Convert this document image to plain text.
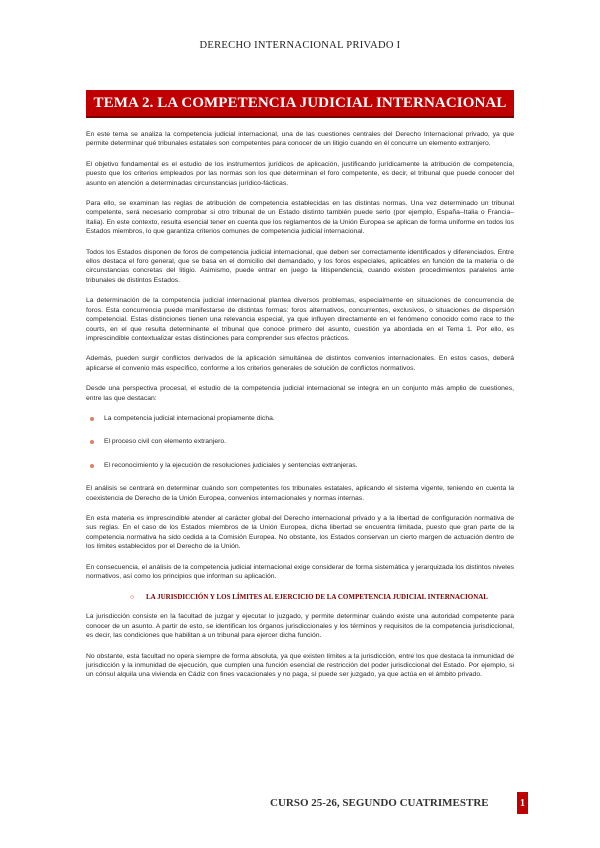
DERECHO INTERNACIONAL PRIVADO I
TEMA 2. LA COMPETENCIA JUDICIAL INTERNACIONAL

En este tema se analiza la competencia judicial internacional, una de las cuestiones centrales del Derecho Internacional privado, ya que permite determinar qué tribunales estatales son competentes para conocer de un litigio cuando en él concurre un elemento extranjero.

El objetivo fundamental es el estudio de los instrumentos jurídicos de aplicación, justificando jurídicamente la atribución de competencia, puesto que los criterios empleados por las normas son los que determinan el foro competente, es decir, el tribunal que puede conocer del asunto en atención a determinadas circunstancias jurídico-fácticas.

Para ello, se examinan las reglas de atribución de competencia establecidas en las distintas normas. Una vez determinado un tribunal competente, será necesario comprobar si otro tribunal de un Estado distinto también puede serlo (por ejemplo, España–Italia o Francia–Italia). En este contexto, resulta esencial tener en cuenta que los reglamentos de la Unión Europea se aplican de forma uniforme en todos los Estados miembros, lo que garantiza criterios comunes de competencia judicial internacional.

Todos los Estados disponen de foros de competencia judicial internacional, que deben ser correctamente identificados y diferenciados. Entre ellos destaca el foro general, que se basa en el domicilio del demandado, y los foros especiales, aplicables en función de la materia o de circunstancias concretas del litigio. Asimismo, puede entrar en juego la litispendencia, cuando existen procedimientos paralelos ante tribunales de distintos Estados.

La determinación de la competencia judicial internacional plantea diversos problemas, especialmente en situaciones de concurrencia de foros. Esta concurrencia puede manifestarse de distintas formas: foros alternativos, concurrentes, exclusivos, o situaciones de dispersión competencial. Estas distinciones tienen una relevancia especial, ya que influyen directamente en el fenómeno conocido como race to the courts, en el que resulta determinante el tribunal que conoce primero del asunto, cuestión ya abordada en el Tema 1. Por ello, es imprescindible contextualizar estas distinciones para comprender sus efectos prácticos.

Además, pueden surgir conflictos derivados de la aplicación simultánea de distintos convenios internacionales. En estos casos, deberá aplicarse el convenio más específico, conforme a los criterios generales de solución de conflictos normativos.

Desde una perspectiva procesal, el estudio de la competencia judicial internacional se integra en un conjunto más amplio de cuestiones, entre las que destacan:

La competencia judicial internacional propiamente dicha.
El proceso civil con elemento extranjero.
El reconocimiento y la ejecución de resoluciones judiciales y sentencias extranjeras.

El análisis se centrará en determinar cuándo son competentes los tribunales estatales, aplicando el sistema vigente, teniendo en cuenta la coexistencia de Derecho de la Unión Europea, convenios internacionales y normas internas.

En esta materia es imprescindible atender al carácter global del Derecho internacional privado y a la libertad de configuración normativa de sus reglas. En el caso de los Estados miembros de la Unión Europea, dicha libertad se encuentra limitada, puesto que gran parte de la competencia normativa ha sido cedida a la Comisión Europea. No obstante, los Estados conservan un cierto margen de actuación dentro de los límites establecidos por el Derecho de la Unión.

En consecuencia, el análisis de la competencia judicial internacional exige considerar de forma sistemática y jerarquizada los distintos niveles normativos, así como los principios que informan su aplicación.

○ LA JURISDICCIÓN Y LOS LÍMITES AL EJERCICIO DE LA COMPETENCIA JUDICIAL INTERNACIONAL

La jurisdicción consiste en la facultad de juzgar y ejecutar lo juzgado, y permite determinar cuándo existe una autoridad competente para conocer de un asunto. A partir de esto, se identifican los órganos jurisdiccionales y los términos y requisitos de la competencia jurisdiccional, es decir, las condiciones que habilitan a un tribunal para ejercer dicha función.

No obstante, esta facultad no opera siempre de forma absoluta, ya que existen límites a la jurisdicción, entre los que destaca la inmunidad de jurisdicción y la inmunidad de ejecución, que cumplen una función esencial de restricción del poder jurisdiccional del Estado. Por ejemplo, si un cónsul alquila una vivienda en Cádiz con fines vacacionales y no paga, sí puede ser juzgado, ya que actúa en el ámbito privado.

CURSO 25-26, SEGUNDO CUATRIMESTRE	1
